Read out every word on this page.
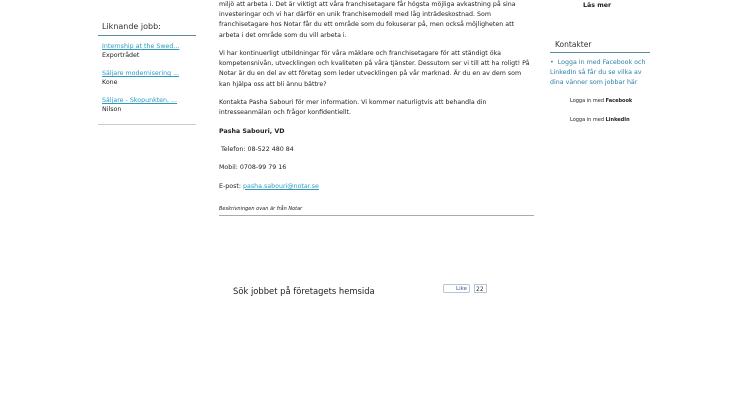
Liknande jobb:
Internship at the Swed...
Exportrådet
Säljare modernisering ...
Kone
Säljare - Skopunkten, ...
Nilson

miljö att arbeta i. Det är viktigt att våra franchisetagare får högsta möjliga avkastning på sina investeringar och vi har därför en unik franchisemodell med låg inträdeskostnad. Som franchisetagare hos Notar får du ett område som du fokuserar på, men också möjligheten att arbeta i det område som du vill arbeta i.

Vi har kontinuerligt utbildningar för våra mäklare och franchisetagare för att ständigt öka kompetensnivån, utvecklingen och kvaliteten på våra tjänster. Dessutom ser vi till att ha roligt! På Notar är du en del av ett företag som leder utvecklingen på vår marknad. Är du en av dem som kan hjälpa oss att bli ännu bättre?

Kontakta Pasha Sabouri för mer information. Vi kommer naturligtvis att behandla din intresseanmälan och frågor konfidentiellt.

Pasha Sabouri, VD

Telefon: 08-522 480 84

Mobil: 0708-99 79 16

E-post: pasha.sabouri@notar.se

Beskrivningen ovan är från Notar
Sök jobbet på företagets hemsida	Like	22
Läs mer
Kontakter
•  Logga in med Facebook och LinkedIn så får du se vilka av dina vänner som jobbar här
Logga in med Facebook
Logga in med LinkedIn
